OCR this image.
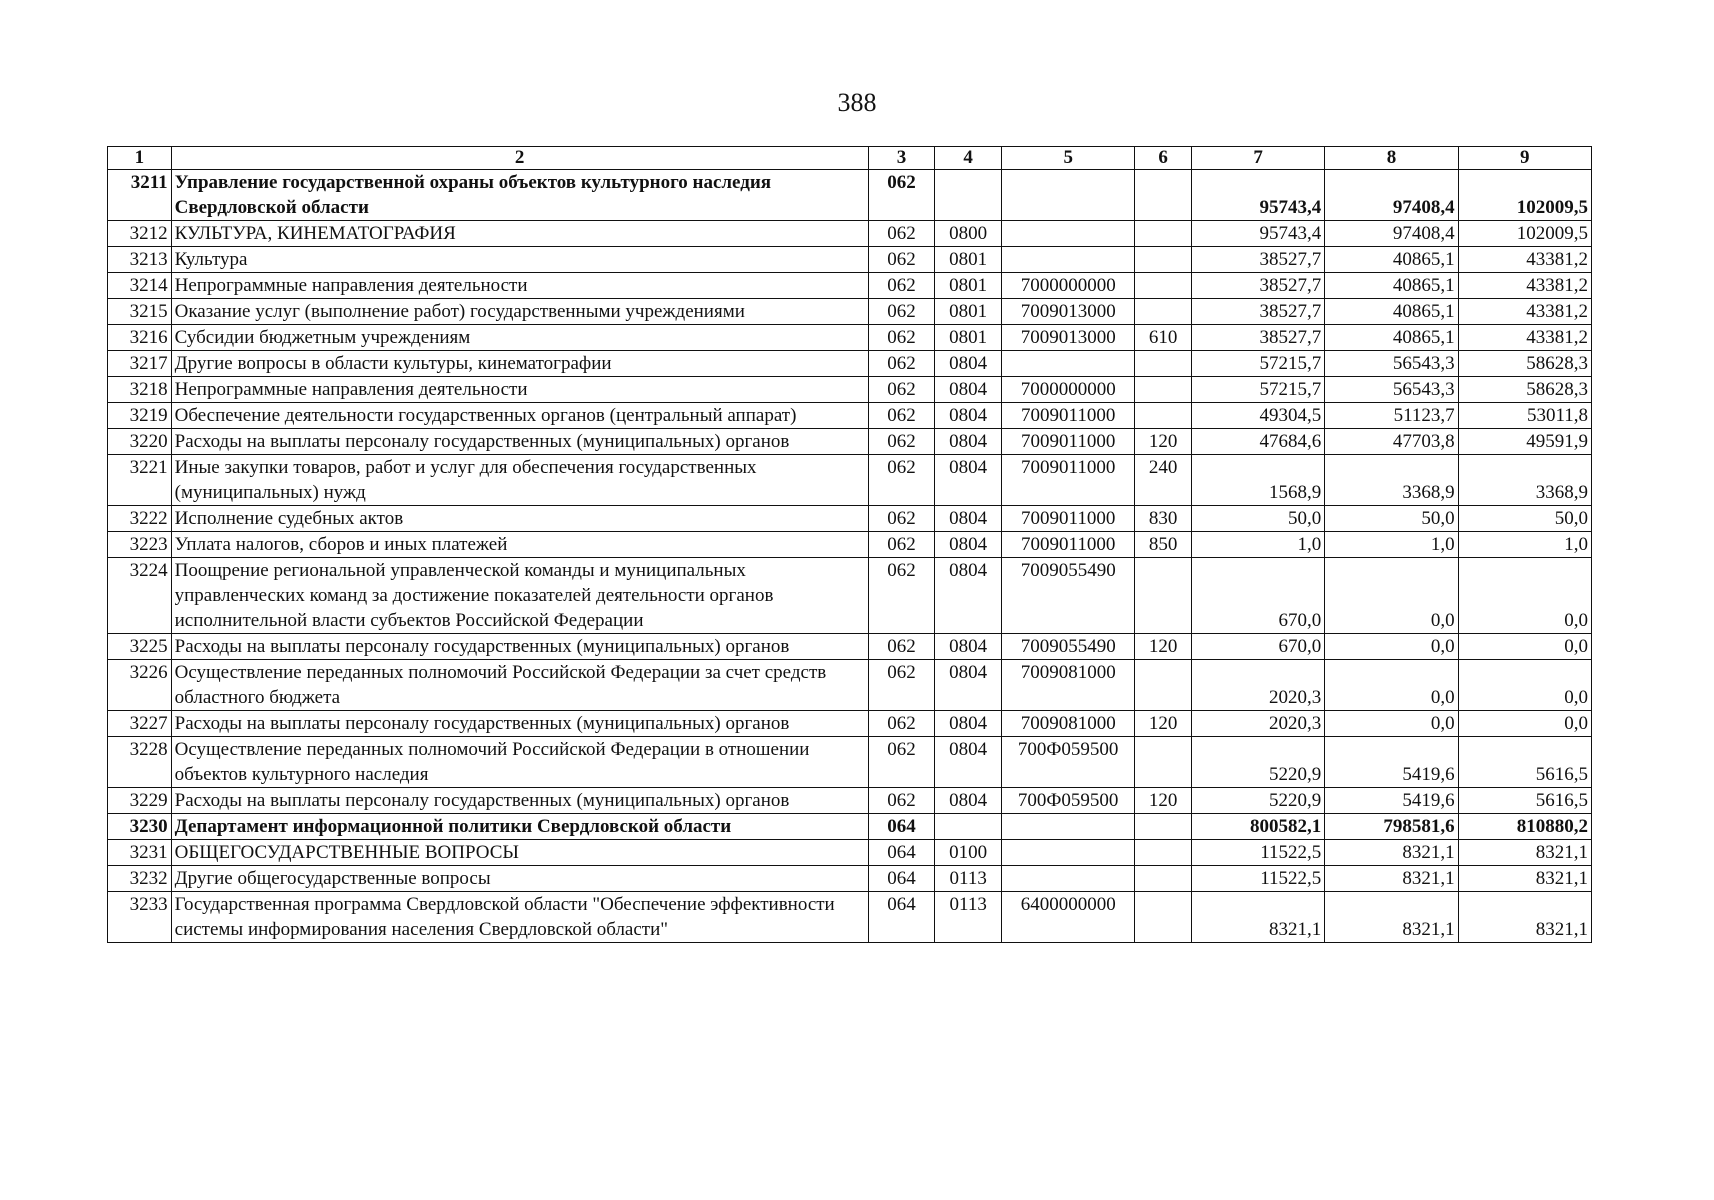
388
1	2	3	4	5	6	7	8	9
3211	Управление государственной охраны объектов культурного наследия Свердловской области	062				95743,4	97408,4	102009,5
3212	КУЛЬТУРА, КИНЕМАТОГРАФИЯ	062	0800			95743,4	97408,4	102009,5
3213	Культура	062	0801			38527,7	40865,1	43381,2
3214	Непрограммные направления деятельности	062	0801	7000000000		38527,7	40865,1	43381,2
3215	Оказание услуг (выполнение работ) государственными учреждениями	062	0801	7009013000		38527,7	40865,1	43381,2
3216	Субсидии бюджетным учреждениям	062	0801	7009013000	610	38527,7	40865,1	43381,2
3217	Другие вопросы в области культуры, кинематографии	062	0804			57215,7	56543,3	58628,3
3218	Непрограммные направления деятельности	062	0804	7000000000		57215,7	56543,3	58628,3
3219	Обеспечение деятельности государственных органов (центральный аппарат)	062	0804	7009011000		49304,5	51123,7	53011,8
3220	Расходы на выплаты персоналу государственных (муниципальных) органов	062	0804	7009011000	120	47684,6	47703,8	49591,9
3221	Иные закупки товаров, работ и услуг для обеспечения государственных (муниципальных) нужд	062	0804	7009011000	240	1568,9	3368,9	3368,9
3222	Исполнение судебных актов	062	0804	7009011000	830	50,0	50,0	50,0
3223	Уплата налогов, сборов и иных платежей	062	0804	7009011000	850	1,0	1,0	1,0
3224	Поощрение региональной управленческой команды и муниципальных управленческих команд за достижение показателей деятельности органов исполнительной власти субъектов Российской Федерации	062	0804	7009055490		670,0	0,0	0,0
3225	Расходы на выплаты персоналу государственных (муниципальных) органов	062	0804	7009055490	120	670,0	0,0	0,0
3226	Осуществление переданных полномочий Российской Федерации за счет средств областного бюджета	062	0804	7009081000		2020,3	0,0	0,0
3227	Расходы на выплаты персоналу государственных (муниципальных) органов	062	0804	7009081000	120	2020,3	0,0	0,0
3228	Осуществление переданных полномочий Российской Федерации в отношении объектов культурного наследия	062	0804	700Ф059500		5220,9	5419,6	5616,5
3229	Расходы на выплаты персоналу государственных (муниципальных) органов	062	0804	700Ф059500	120	5220,9	5419,6	5616,5
3230	Департамент информационной политики Свердловской области	064				800582,1	798581,6	810880,2
3231	ОБЩЕГОСУДАРСТВЕННЫЕ ВОПРОСЫ	064	0100			11522,5	8321,1	8321,1
3232	Другие общегосударственные вопросы	064	0113			11522,5	8321,1	8321,1
3233	Государственная программа Свердловской области "Обеспечение эффективности системы информирования населения Свердловской области"	064	0113	6400000000		8321,1	8321,1	8321,1
